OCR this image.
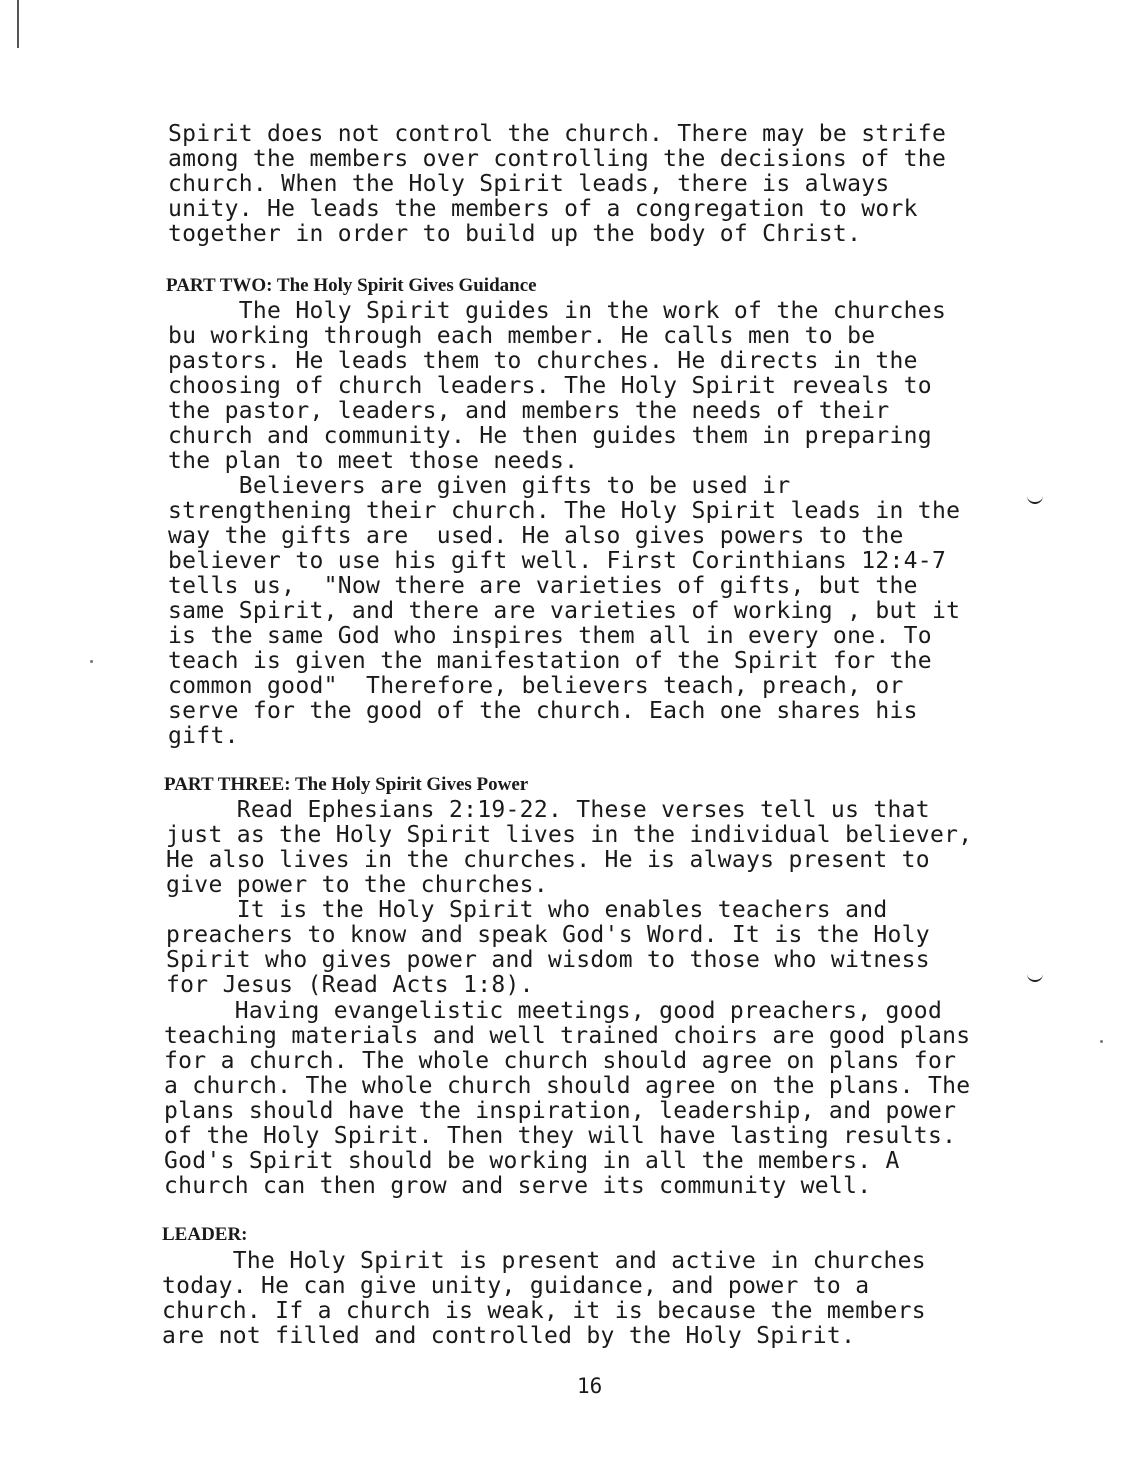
Spirit does not control the church. There may be strife
among the members over controlling the decisions of the
church. When the Holy Spirit leads, there is always
unity. He leads the members of a congregation to work
together in order to build up the body of Christ.

PART TWO: The Holy Spirit Gives Guidance

The Holy Spirit guides in the work of the churches
bu working through each member. He calls men to be
pastors. He leads them to churches. He directs in the
choosing of church leaders. The Holy Spirit reveals to
the pastor, leaders, and members the needs of their
church and community. He then guides them in preparing
the plan to meet those needs.

Believers are given gifts to be used ir
strengthening their church. The Holy Spirit leads in the
way the gifts are  used. He also gives powers to the
believer to use his gift well. First Corinthians 12:4-7
tells us,  "Now there are varieties of gifts, but the
same Spirit, and there are varieties of working , but it
is the same God who inspires them all in every one. To
teach is given the manifestation of the Spirit for the
common good"  Therefore, believers teach, preach, or
serve for the good of the church. Each one shares his
gift.

PART THREE: The Holy Spirit Gives Power

Read Ephesians 2:19-22. These verses tell us that
just as the Holy Spirit lives in the individual believer,
He also lives in the churches. He is always present to
give power to the churches.

It is the Holy Spirit who enables teachers and
preachers to know and speak God's Word. It is the Holy
Spirit who gives power and wisdom to those who witness
for Jesus (Read Acts 1:8).

Having evangelistic meetings, good preachers, good
teaching materials and well trained choirs are good plans
for a church. The whole church should agree on plans for
a church. The whole church should agree on the plans. The
plans should have the inspiration, leadership, and power
of the Holy Spirit. Then they will have lasting results.
God's Spirit should be working in all the members. A
church can then grow and serve its community well.

LEADER:

The Holy Spirit is present and active in churches
today. He can give unity, guidance, and power to a
church. If a church is weak, it is because the members
are not filled and controlled by the Holy Spirit.

16
